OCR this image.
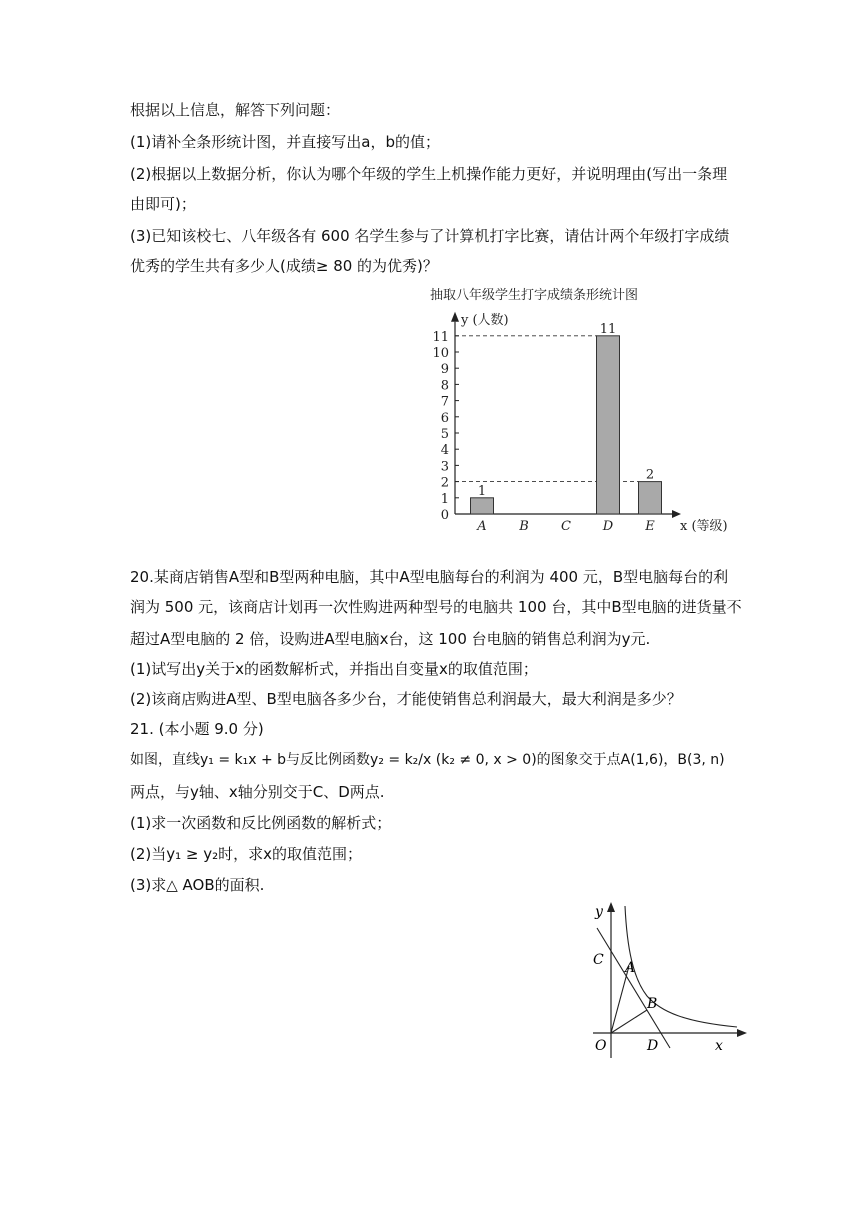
根据以上信息，解答下列问题：
(1)请补全条形统计图，并直接写出a，b的值；
(2)根据以上数据分析，你认为哪个年级的学生上机操作能力更好，并说明理由(写出一条理
由即可)；
(3)已知该校七、八年级各有 600 名学生参与了计算机打字比赛，请估计两个年级打字成绩
优秀的学生共有多少人(成绩≥ 80 的为优秀)？
抽取八年级学生打字成绩条形统计图
0
1
2
3
4
5
6
7
8
9
10
11
y (人数)
x (等级)
1
A	B C
11
D
2
E
20.某商店销售A型和B型两种电脑，其中A型电脑每台的利润为 400 元，B型电脑每台的利
润为 500 元，该商店计划再一次性购进两种型号的电脑共 100 台，其中B型电脑的进货量不
超过A型电脑的 2 倍，设购进A型电脑x台，这 100 台电脑的销售总利润为y元.
(1)试写出y关于x的函数解析式，并指出自变量x的取值范围；
(2)该商店购进A型、B型电脑各多少台，才能使销售总利润最大，最大利润是多少？
21. (本小题 9.0 分)
如图，直线y₁ = k₁x + b与反比例函数y₂ = k₂/x (k₂ ≠ 0, x > 0)的图象交于点A(1,6)，B(3, n)
两点，与y轴、x轴分别交于C、D两点.
(1)求一次函数和反比例函数的解析式；
(2)当y₁ ≥ y₂时，求x的取值范围；
(3)求△ AOB的面积.
y
x
O
A
B
C
D
